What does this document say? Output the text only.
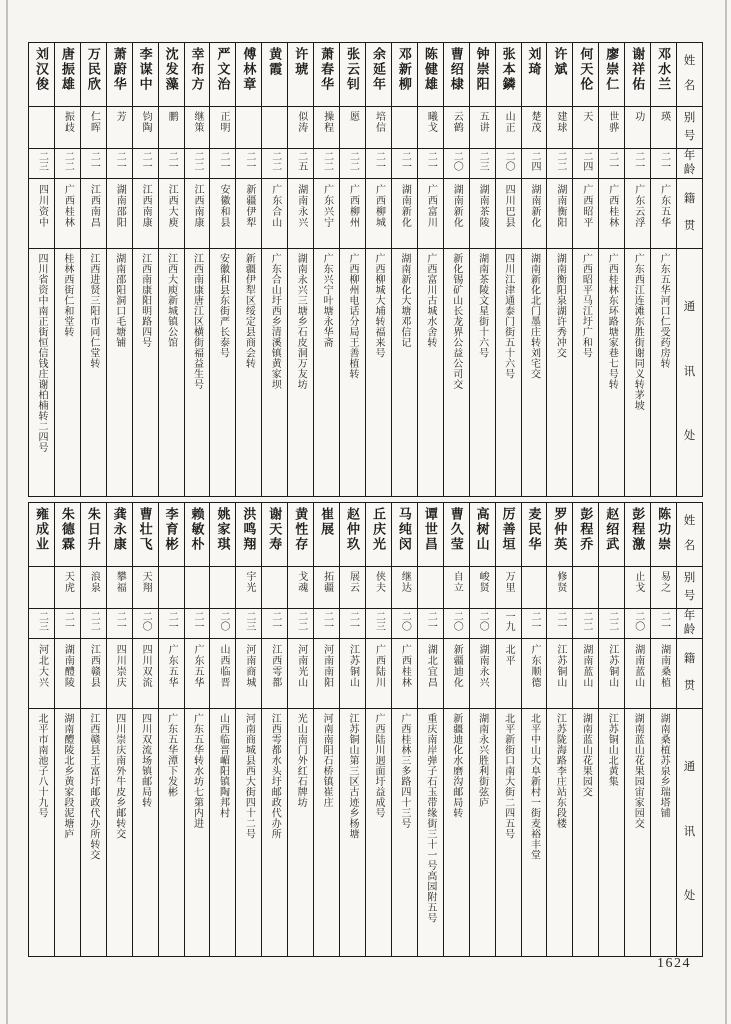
姓
名
别
号
年
龄
籍
贯
通
讯
处
邓水兰
瑛
二一
广东五华
广东五华河口仁受药房转
谢祥佑
功
二一
广东云浮
广东西江连滩东胜街谢同义转茅坡
廖崇仁
世骅
二一
广西桂林
广西桂林东环路塘家巷七号转
何天伦
天
二四
广西昭平
广西昭平马江圩广和号
许斌
建球
二二
湖南衡阳
湖南衡阳泉湖许秀冲交
刘琦
楚茂
二四
湖南新化
湖南新化北门墨庄转刘宅交
张本鏻
山正
二〇
四川巴县
四川江津通泰门街五十六号
钟崇阳
五讲
二三
湖南茶陵
湖南茶陵文星街十六号
曹绍棣
云鹤
二〇
湖南新化
新化锡矿山长龙界公益公司交
陈健雄
曦戈
二一
广西富川
广西富川古城水舍转
邓新柳
二一
湖南新化
湖南新化大塘邓信记
余延年
培信
二一
广西柳城
广西柳城大埔转福来号
张云钊
愿
二二
广西柳州
广西柳州电话分局王善植转
萧春华
操程
二二
广东兴宁
广东兴宁叶塘永华斋
许琥
似涛
二五
湖南永兴
湖南永兴三塘乡石皮洞万友坊
黄霞
二二
广东合山
广东合山圩西乡清溪镇黄家坝
傅林章
二一
新疆伊犁
新疆伊犁区绥定县商会转
严文治
正明
二一
安徽和县
安徽和县东街严长泰号
幸布方
继策
二二
江西南康
江西南康唐江区横街福益生号
沈发藻
鹏
二一
江西大庾
江西大庾新城镇公馆
李谋中
钧陶
二一
江西南康
江西南康阳明路四号
萧蔚华
芳
二一
湖南邵阳
湖南邵阳洞口毛塘铺
万民欣
仁晖
二一
江西南昌
江西进贤三阳市同仁堂转
唐振雄
振歧
二二
广西桂林
桂林西街仁和堂转
刘汉俊
二三
四川资中
四川省资中南正街恒信钱庄谢柏楠转二四号
姓
名
别
号
年
龄
籍
贯
通
讯
处
陈功崇
易之
二一
湖南桑植
湖南桑植苏泉乡瑞塔铺
彭程激
止戈
二〇
湖南蓝山
湖南蓝山花果园宙家园交
赵绍武
二二
江苏铜山
江苏铜山北黄集
彭程乔
二二
湖南蓝山
湖南蓝山花果园交
罗仲英
修贤
二一
江苏铜山
江苏陇海路李庄站东段楼
麦民华
二一
广东顺德
北平中山大阜新村一街麦裕丰堂
厉善垣
万里
一九
北平
北平新街口南大街二四五号
高树山
峻贤
二〇
湖南永兴
湖南永兴胜利街弦庐
曹久莹
自立
二〇
新疆迪化
新疆迪化水磨沟邮局转
谭世昌
二一
湖北宜昌
重庆南岸弹子石玉带缘街三十一号高园附五号
马纯闵
继达
二〇
广西桂林
广西桂林三多路四十三号
丘庆光
侠夫
二三
广西陆川
广西陆川迥面圩益成号
赵仲玖
展云
二一
江苏铜山
江苏铜山第三区古迹乡杨塘
崔展
拓疆
二一
河南南阳
河南南阳石桥镇崔庄
黄性存
戈魂
二二
河南光山
光山南门外红石牌坊
谢天寿
二一
江西雩都
江西雩都水头圩邮政代办所
洪鸣翔
宇光
二三
河南商城
河南商城县西大街四十二号
姚家琪
二〇
山西临晋
山西临晋嵋阳镇陶邦村
赖敏朴
二一
广东五华
广东五华转水坊七第内进
李育彬
二一
广东五华
广东五华潭下发彬
曹壮飞
天翔
二〇
四川双流
四川双流场镇邮局转
龚永康
攀福
二一
四川崇庆
四川崇庆南外牛皮乡邮转交
朱日升
浪泉
二二
江西赣县
江西赣县王富圩邮政代办所转交
朱德霖
天虎
二一
湖南醴陵
湖南醴陵北乡黄家段泥塘庐
雍成业
二三
河北大兴
北平市南池子八十九号
1624
